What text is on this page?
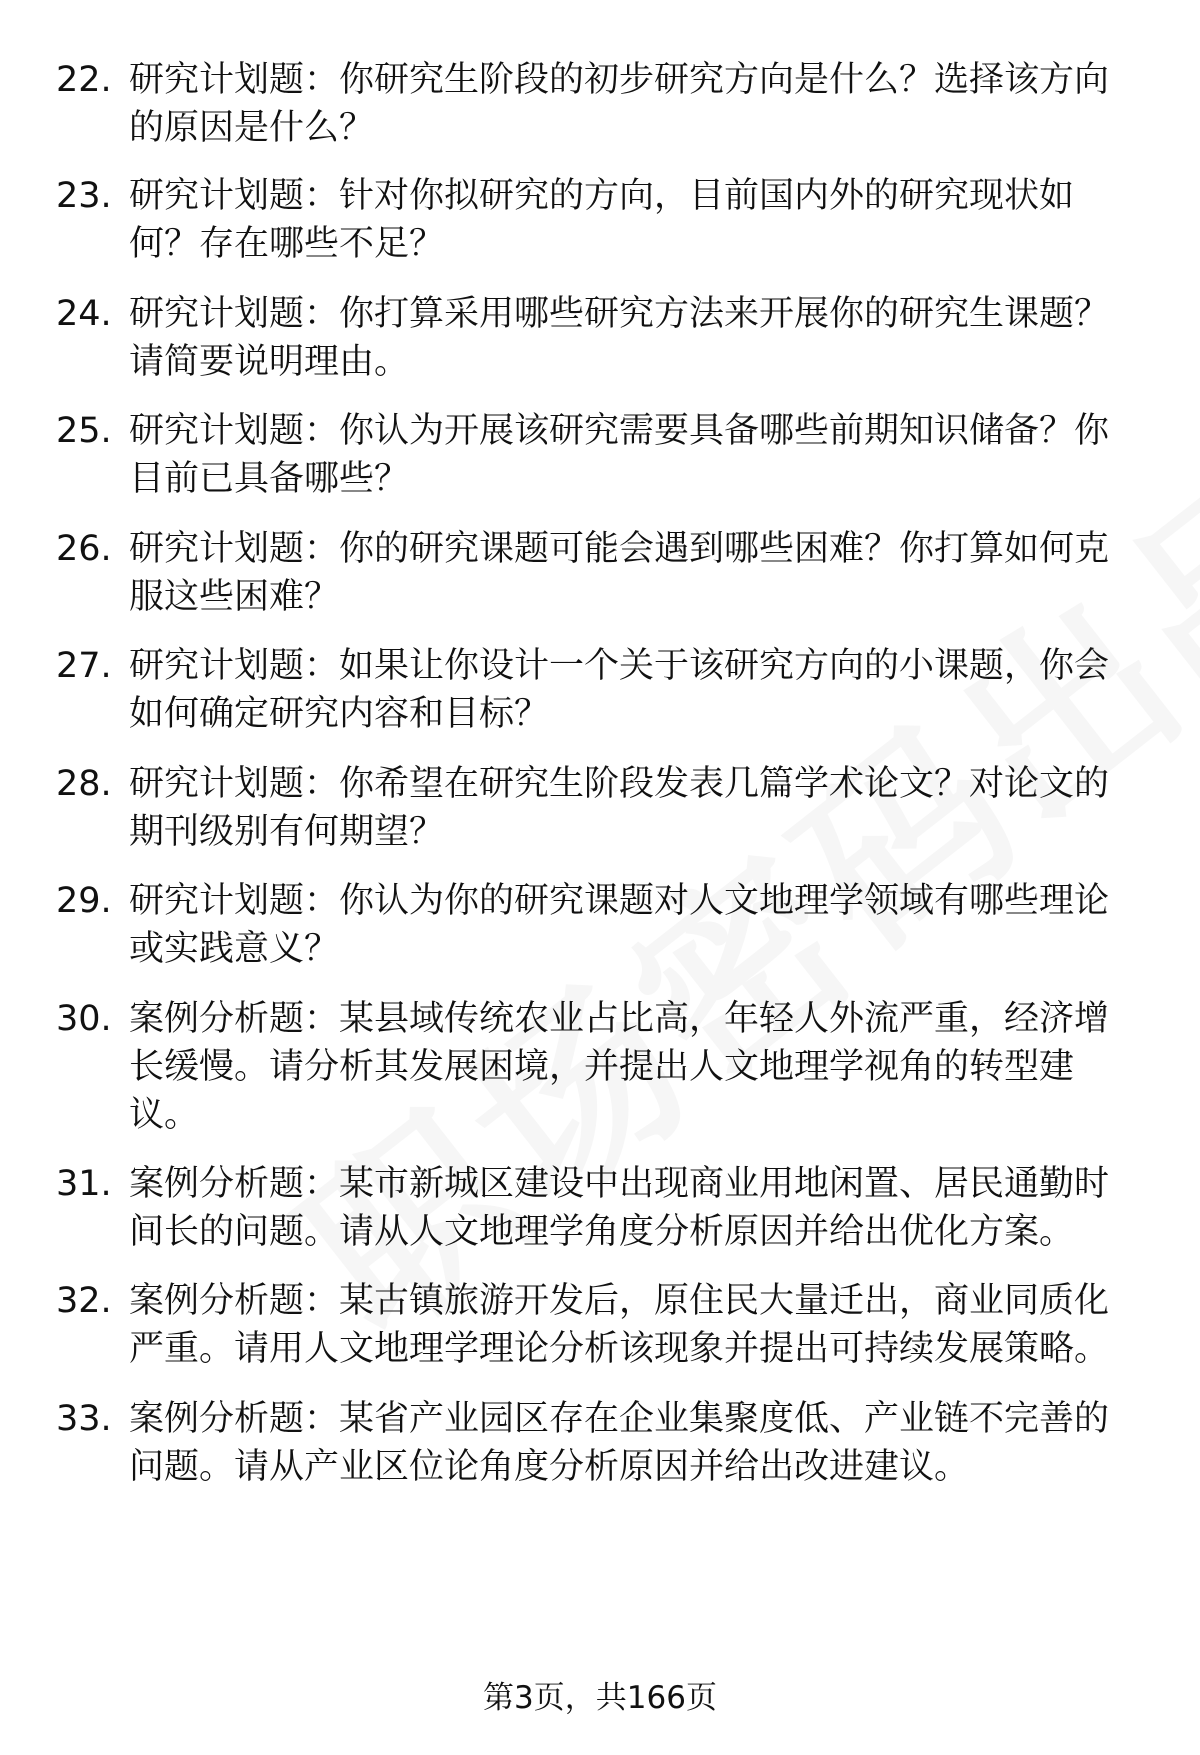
22. 研究计划题：你研究生阶段的初步研究方向是什么？选择该方向
的原因是什么？
23. 研究计划题：针对你拟研究的方向，目前国内外的研究现状如
何？存在哪些不足？
24. 研究计划题：你打算采用哪些研究方法来开展你的研究生课题？
请简要说明理由。
25. 研究计划题：你认为开展该研究需要具备哪些前期知识储备？你
目前已具备哪些？
26. 研究计划题：你的研究课题可能会遇到哪些困难？你打算如何克
服这些困难？
27. 研究计划题：如果让你设计一个关于该研究方向的小课题，你会
如何确定研究内容和目标？
28. 研究计划题：你希望在研究生阶段发表几篇学术论文？对论文的
期刊级别有何期望？
29. 研究计划题：你认为你的研究课题对人文地理学领域有哪些理论
或实践意义？
30. 案例分析题：某县域传统农业占比高，年轻人外流严重，经济增
长缓慢。请分析其发展困境，并提出人文地理学视角的转型建
议。
31. 案例分析题：某市新城区建设中出现商业用地闲置、居民通勤时
间长的问题。请从人文地理学角度分析原因并给出优化方案。
32. 案例分析题：某古镇旅游开发后，原住民大量迁出，商业同质化
严重。请用人文地理学理论分析该现象并提出可持续发展策略。
33. 案例分析题：某省产业园区存在企业集聚度低、产业链不完善的
问题。请从产业区位论角度分析原因并给出改进建议。
第3页，共166页
